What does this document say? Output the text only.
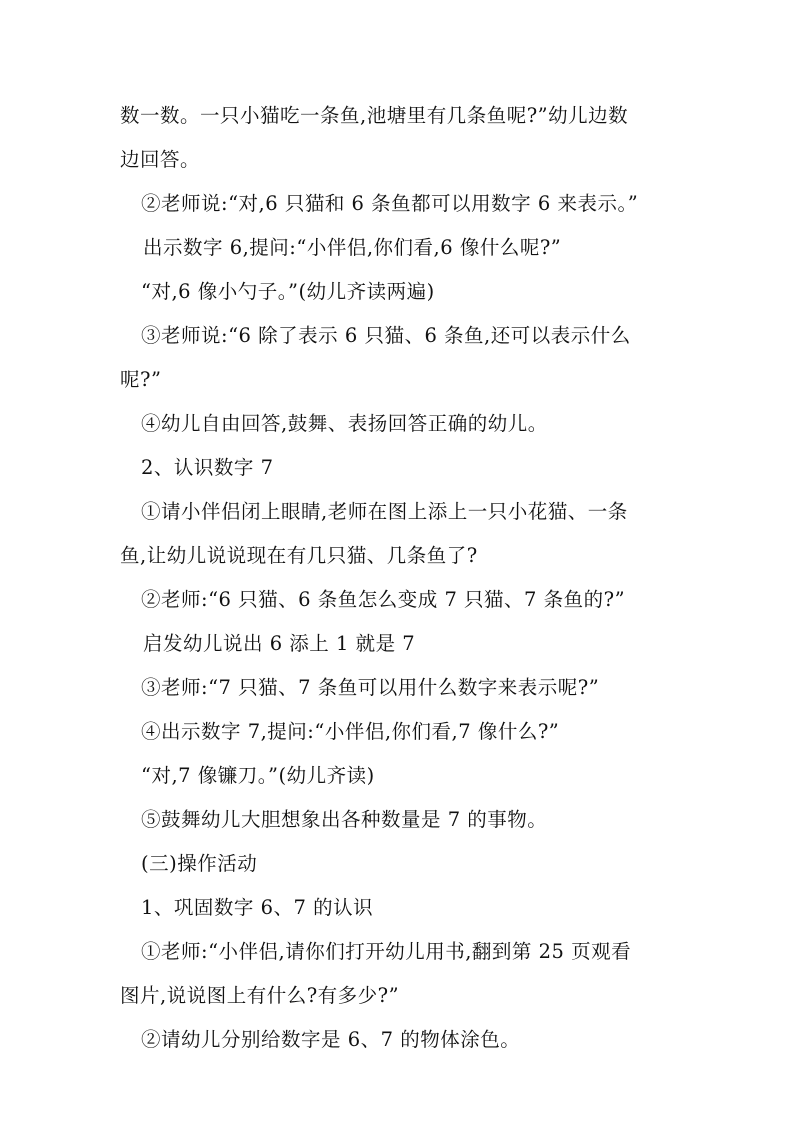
数一数。一只小猫吃一条鱼,池塘里有几条鱼呢?”幼儿边数
边回答。
②老师说:“对,6 只猫和 6 条鱼都可以用数字 6 来表示。”
出示数字 6,提问:“小伴侣,你们看,6 像什么呢?”
“对,6 像小勺子。”(幼儿齐读两遍)
③老师说:“6 除了表示 6 只猫、6 条鱼,还可以表示什么
呢?”
④幼儿自由回答,鼓舞、表扬回答正确的幼儿。
2、认识数字 7
①请小伴侣闭上眼睛,老师在图上添上一只小花猫、一条
鱼,让幼儿说说现在有几只猫、几条鱼了?
②老师:“6 只猫、6 条鱼怎么变成 7 只猫、7 条鱼的?”
启发幼儿说出 6 添上 1 就是 7
③老师:“7 只猫、7 条鱼可以用什么数字来表示呢?”
④出示数字 7,提问:“小伴侣,你们看,7 像什么?”
“对,7 像镰刀。”(幼儿齐读)
⑤鼓舞幼儿大胆想象出各种数量是 7 的事物。
(三)操作活动
1、巩固数字 6、7 的认识
①老师:“小伴侣,请你们打开幼儿用书,翻到第 25 页观看
图片,说说图上有什么?有多少?”
②请幼儿分别给数字是 6、7 的物体涂色。
